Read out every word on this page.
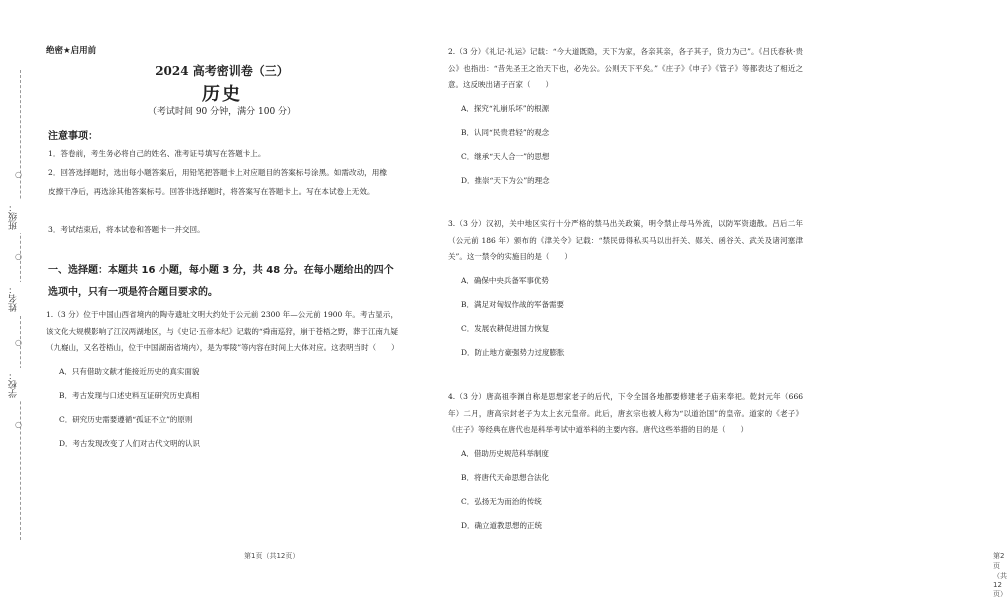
○
班级：
○
姓名：
○
学校：
○
绝密★启用前
2024 高考密训卷（三）
历史
（考试时间 90 分钟，满分 100 分）
注意事项：
1．答卷前，考生务必将自己的姓名、准考证号填写在答题卡上。
2．回答选择题时，选出每小题答案后，用铅笔把答题卡上对应题目的答案标号涂黑。如需改动，用橡皮擦干净后，再选涂其他答案标号。回答非选择题时，将答案写在答题卡上。写在本试卷上无效。
3．考试结束后，将本试卷和答题卡一并交回。
一、选择题：本题共 16 小题，每小题 3 分，共 48 分。在每小题给出的四个选项中，只有一项是符合题目要求的。
1.（3 分）位于中国山西省境内的陶寺遗址文明大约处于公元前 2300 年—公元前 1900 年。考古显示，该文化大规模影响了江汉两湖地区，与《史记·五帝本纪》记载的“舜南巡狩，崩于苍梧之野，葬于江南九疑（九嶷山，又名苍梧山，位于中国湖南省境内），是为零陵”等内容在时间上大体对应。这表明当时（　　）
A．只有借助文献才能接近历史的真实面貌
B．考古发现与口述史料互证研究历史真相
C．研究历史需要遵循“孤证不立”的原则
D．考古发现改变了人们对古代文明的认识
第1页（共12页）
2.（3 分）《礼记·礼运》记载：“今大道既隐，天下为家，各亲其亲，各子其子，货力为己”。《吕氏春秋·贵公》也指出：“昔先圣王之治天下也，必先公。公则天下平矣。”《庄子》《申子》《管子》等都表达了相近之意。这反映出诸子百家（　　）
A．探究“礼崩乐坏”的根源
B．认同“民贵君轻”的观念
C．继承“天人合一”的思想
D．推崇“天下为公”的理念
3.（3 分）汉初，关中地区实行十分严格的禁马出关政策，明令禁止母马外流，以防军资遗散。吕后二年（公元前 186 年）颁布的《津关令》记载：“禁民毋得私买马以出扞关、郧关、函谷关、武关及诸河塞津关”。这一禁令的实施目的是（　　）
A．确保中央兵备军事优势
B．满足对匈奴作战的军备需要
C．发展农耕促进国力恢复
D．防止地方豪强势力过度膨胀
4.（3 分）唐高祖李渊自称是思想家老子的后代，下令全国各地都要修建老子庙来奉祀。乾封元年（666 年）二月，唐高宗封老子为太上玄元皇帝。此后，唐玄宗也被人称为“以道治国”的皇帝。道家的《老子》《庄子》等经典在唐代也是科举考试中道举科的主要内容。唐代这些举措的目的是（　　）
A．借助历史规范科举制度
B．将唐代天命思想合法化
C．弘扬无为而治的传统
D．确立道教思想的正统
第2页（共12页）
